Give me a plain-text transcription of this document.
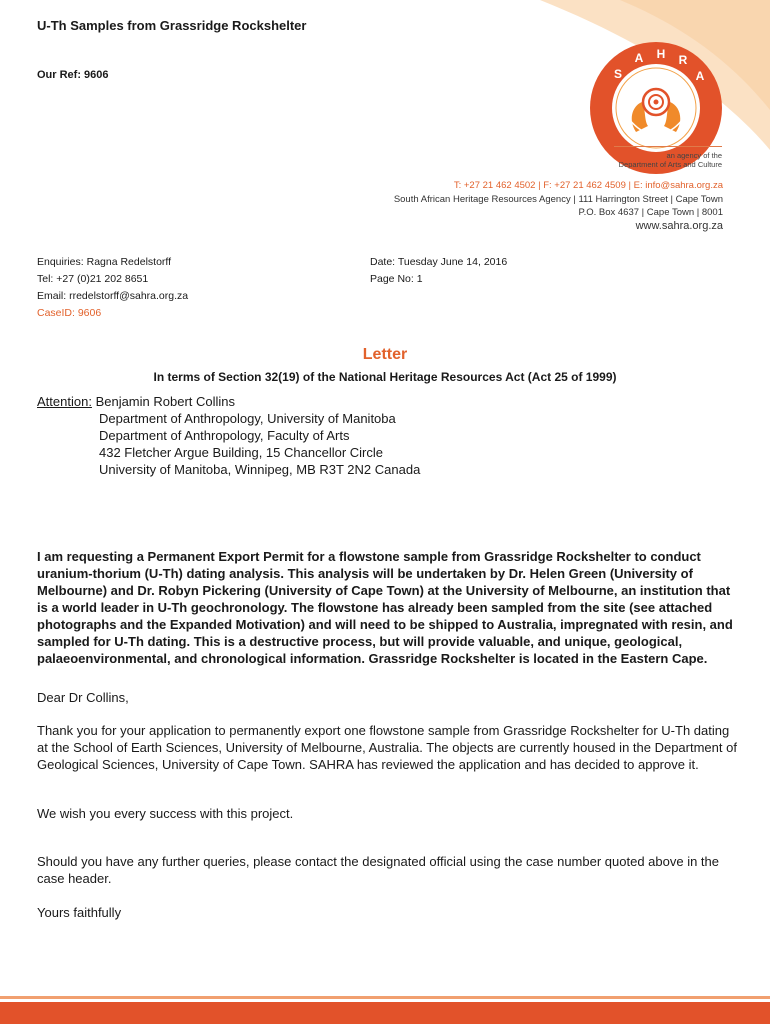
U-Th Samples from Grassridge Rockshelter
Our Ref: 9606	S
A H R
A
an agency of the
Department of Arts and Culture
T: +27 21 462 4502 | F: +27 21 462 4509 | E: info@sahra.org.za
South African Heritage Resources Agency | 111 Harrington Street | Cape Town
P.O. Box 4637 | Cape Town | 8001
www.sahra.org.za
Enquiries: Ragna Redelstorff
Tel: +27 (0)21 202 8651
Email: rredelstorff@sahra.org.za
CaseID: 9606
Date: Tuesday June 14, 2016
Page No: 1
Letter
In terms of Section 32(19) of the National Heritage Resources Act (Act 25 of 1999)
Attention: Benjamin Robert Collins
Department of Anthropology, University of Manitoba
Department of Anthropology, Faculty of Arts
432 Fletcher Argue Building, 15 Chancellor Circle
University of Manitoba, Winnipeg, MB R3T 2N2 Canada
I am requesting a Permanent Export Permit for a flowstone sample from Grassridge Rockshelter to conduct uranium-thorium (U-Th) dating analysis. This analysis will be undertaken by Dr. Helen Green (University of Melbourne) and Dr. Robyn Pickering (University of Cape Town) at the University of Melbourne, an institution that is a world leader in U-Th geochronology. The flowstone has already been sampled from the site (see attached photographs and the Expanded Motivation) and will need to be shipped to Australia, impregnated with resin, and sampled for U-Th dating. This is a destructive process, but will provide valuable, and unique, geological, palaeoenvironmental, and chronological information. Grassridge Rockshelter is located in the Eastern Cape.
Dear Dr Collins,
Thank you for your application to permanently export one flowstone sample from Grassridge Rockshelter for U-Th dating at the School of Earth Sciences, University of Melbourne, Australia. The objects are currently housed in the Department of Geological Sciences, University of Cape Town. SAHRA has reviewed the application and has decided to approve it.
We wish you every success with this project.
Should you have any further queries, please contact the designated official using the case number quoted above in the case header.
Yours faithfully
